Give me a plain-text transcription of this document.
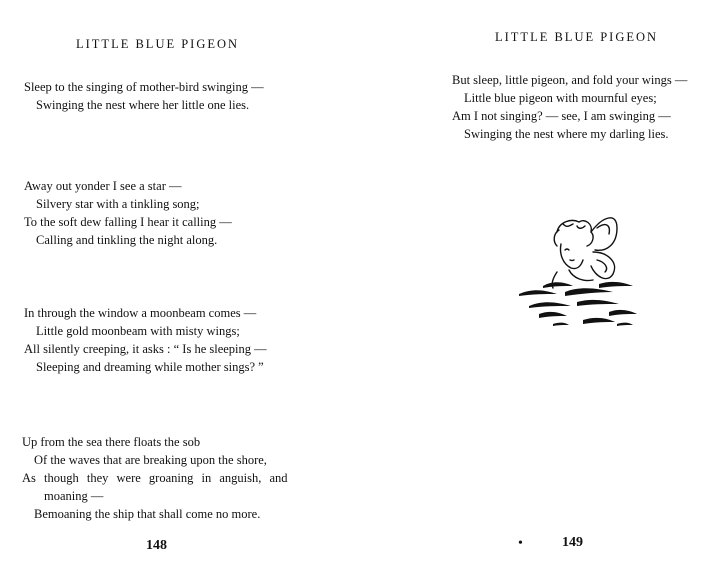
LITTLE BLUE PIGEON
Sleep to the singing of mother-bird swinging —
Swinging the nest where her little one lies.
Away out yonder I see a star —
Silvery star with a tinkling song;
To the soft dew falling I hear it calling —
Calling and tinkling the night along.
In through the window a moonbeam comes —
Little gold moonbeam with misty wings;
All silently creeping, it asks : “ Is he sleeping —
Sleeping and dreaming while mother sings? ”
Up from the sea there floats the sob
Of the waves that are breaking upon the shore,
As though they were groaning in anguish, and
moaning —
Bemoaning the ship that shall come no more.
148
LITTLE BLUE PIGEON
But sleep, little pigeon, and fold your wings —
Little blue pigeon with mournful eyes;
Am I not singing? — see, I am swinging —
Swinging the nest where my darling lies.
•	149
